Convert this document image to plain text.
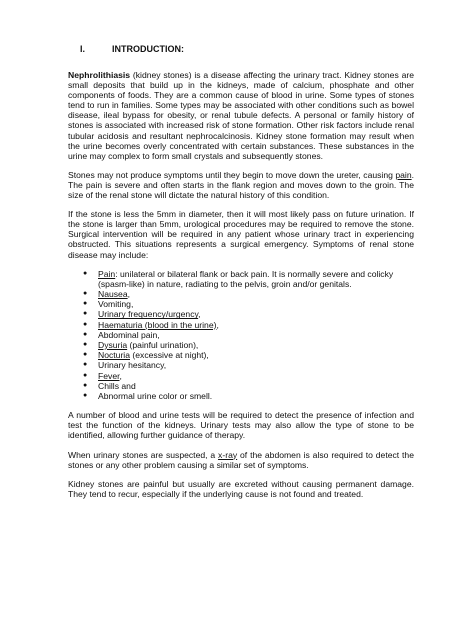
I.	INTRODUCTION:

Nephrolithiasis (kidney stones) is a disease affecting the urinary tract. Kidney stones are small deposits that build up in the kidneys, made of calcium, phosphate and other components of foods. They are a common cause of blood in urine. Some types of stones tend to run in families. Some types may be associated with other conditions such as bowel disease, ileal bypass for obesity, or renal tubule defects. A personal or family history of stones is associated with increased risk of stone formation. Other risk factors include renal tubular acidosis and resultant nephrocalcinosis. Kidney stone formation may result when the urine becomes overly concentrated with certain substances. These substances in the urine may complex to form small crystals and subsequently stones.

Stones may not produce symptoms until they begin to move down the ureter, causing pain. The pain is severe and often starts in the flank region and moves down to the groin. The size of the renal stone will dictate the natural history of this condition.

If the stone is less the 5mm in diameter, then it will most likely pass on future urination. If the stone is larger than 5mm, urological procedures may be required to remove the stone. Surgical intervention will be required in any patient whose urinary tract in experiencing obstructed. This situations represents a surgical emergency. Symptoms of renal stone disease may include:

● Pain: unilateral or bilateral flank or back pain. It is normally severe and colicky (spasm-like) in nature, radiating to the pelvis, groin and/or genitals.
● Nausea,
● Vomiting,
● Urinary frequency/urgency,
● Haematuria (blood in the urine),
● Abdominal pain,
● Dysuria (painful urination),
● Nocturia (excessive at night),
● Urinary hesitancy,
● Fever,
● Chills and
● Abnormal urine color or smell.

A number of blood and urine tests will be required to detect the presence of infection and test the function of the kidneys. Urinary tests may also allow the type of stone to be identified, allowing further guidance of therapy.

When urinary stones are suspected, a x-ray of the abdomen is also required to detect the stones or any other problem causing a similar set of symptoms.

Kidney stones are painful but usually are excreted without causing permanent damage. They tend to recur, especially if the underlying cause is not found and treated.
